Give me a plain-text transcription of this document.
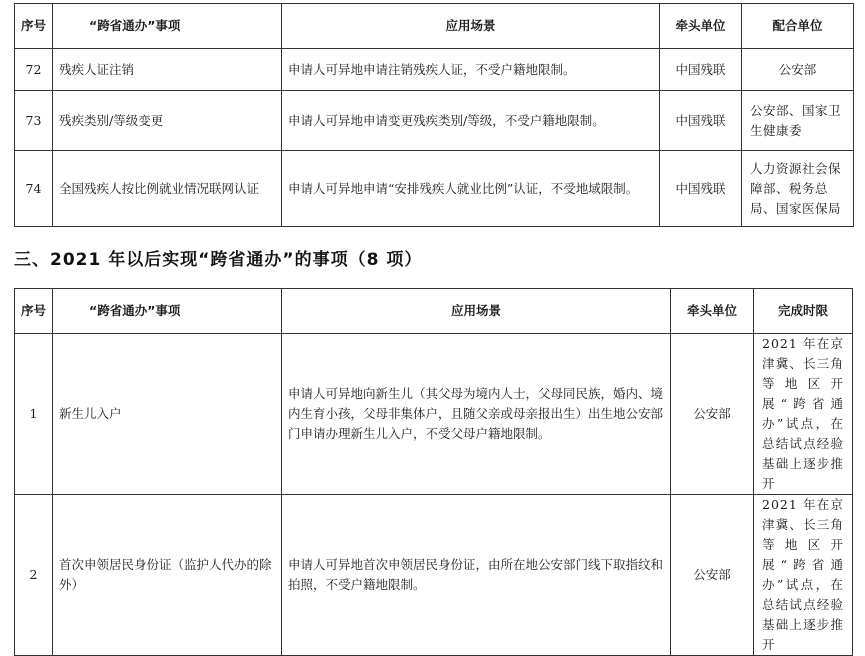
序号	“跨省通办”事项	应用场景	牵头单位	配合单位
72	残疾人证注销	申请人可异地申请注销残疾人证，不受户籍地限制。	中国残联	公安部
73	残疾类别/等级变更	申请人可异地申请变更残疾类别/等级，不受户籍地限制。	中国残联	公安部、国家卫生健康委
74	全国残疾人按比例就业情况联网认证	申请人可异地申请“安排残疾人就业比例”认证，不受地域限制。	中国残联	人力资源社会保障部、税务总局、国家医保局
三、2021 年以后实现“跨省通办”的事项（8 项）
序号	“跨省通办”事项	应用场景	牵头单位	完成时限
1	新生儿入户	申请人可异地向新生儿（其父母为境内人士，父母同民族，婚内、境内生育小孩，父母非集体户，且随父亲或母亲报出生）出生地公安部门申请办理新生儿入户，不受父母户籍地限制。	公安部	2021 年在京津冀、长三角等地区开展“跨省通办”试点，在总结试点经验基础上逐步推开
2	首次申领居民身份证（监护人代办的除外）	申请人可异地首次申领居民身份证，由所在地公安部门线下取指纹和拍照，不受户籍地限制。	公安部	2021 年在京津冀、长三角等地区开展“跨省通办”试点，在总结试点经验基础上逐步推开
